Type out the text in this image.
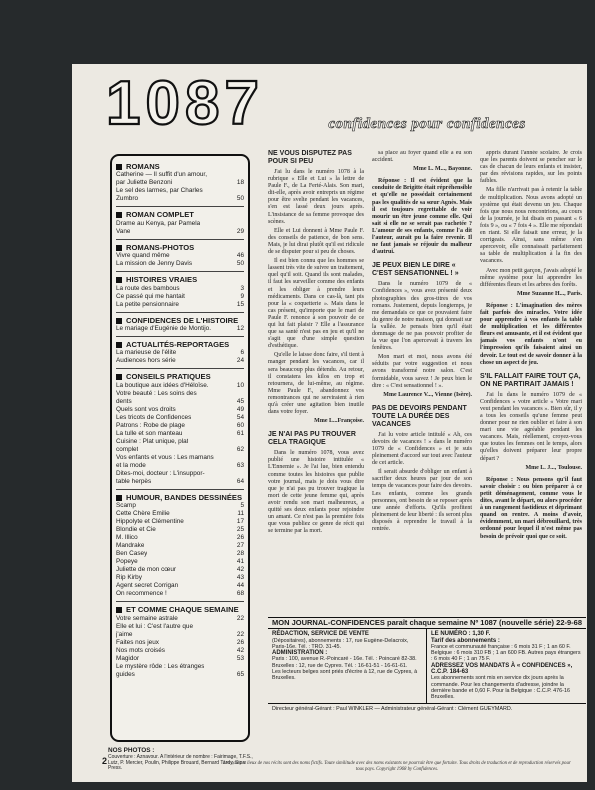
1087	confidences pour confidences
ROMANS
Catherine — Il suffit d'un amour,
par Juliette Benzoni	18
Le sel des larmes, par Charles
Zumbro	50
ROMAN COMPLET
Drame au Kenya, par Pamela
Vane	29
ROMANS-PHOTOS
Vivre quand même	46
La mission de Jenny Davis	50
HISTOIRES VRAIES
La route des bambous	3
Ce passé qui me hantait	9
La petite pensionnaire	15
CONFIDENCES DE L'HISTOIRE
Le mariage d'Eugénie de Montijo.	12
ACTUALITÉS-REPORTAGES
La marieuse de l'élite	6
Audiences hors série	24
CONSEILS PRATIQUES
La boutique aux idées d'Héloïse.	10
Votre beauté : Les soins des
dents	45
Quels sont vos droits	49
Les tricots de Confidences	54
Patrons : Robe de plage	60
La tulle et son manteau	61
Cuisine : Plat unique, plat
complet	62
Vos enfants et vous : Les mamans
et la mode	63
Dites-moi, docteur : L'insuppor-
table herpès	64
HUMOUR, BANDES DESSINÉES
Scamp	5
Cette Chère Émilie	11
Hippolyte et Clémentine	17
Blondie et Cie	25
M. Illico	26
Mandrake	27
Ben Casey	28
Popeye	41
Juliette de mon cœur	42
Rip Kirby	43
Agent secret Corrigan	44
On recommence !	68
ET COMME CHAQUE SEMAINE
Votre semaine astrale	22
Elle et lui : C'est l'autre que
j'aime	22
Faites nos jeux	26
Nos mots croisés	42
Magidor	53
Le mystère rôde : Les étranges
guides	65
NOS PHOTOS :
Couverture : Aznavour. A l'intérieur de nombre : Fairimage, T.F.S., Lutz, P. Mercier, Poulin, Philippe Brouard, Bernard Tardy, Sipa Press.
NE VOUS DISPUTEZ PAS POUR SI PEU

J'ai lu dans le numéro 1078 à la rubrique « Elle et Lui » la lettre de Paule F., de La Ferté-Alais. Son mari, dit-elle, après avoir entrepris un régime pour être svelte pendant les vacances, s'en est lassé deux jours après. L'insistance de sa femme provoque des scènes.

Elle et Lui donnent à Mme Paule F. des conseils de patience, de bon sens. Mais, je lui dirai plutôt qu'il est ridicule de se disputer pour si peu de choses.

Il est bien connu que les hommes se lassent très vite de suivre un traitement, quel qu'il soit. Quand ils sont malades, il faut les surveiller comme des enfants et les obliger à prendre leurs médicaments. Dans ce cas-là, tant pis pour la « coquetterie ». Mais dans le cas présent, qu'importe que le mari de Paule F. renonce à son pouvoir de ce qui lui fait plaisir ? Elle a l'assurance que sa santé n'est pas en jeu et qu'il ne s'agit que d'une simple question d'esthétique.

Qu'elle le laisse donc faire, s'il tient à manger pendant les vacances, car il sera beaucoup plus détendu. Au retour, il constatera les kilos en trop et retournera, de lui-même, au régime. Mme Paule F., abandonnez vos remontrances qui ne serviraient à rien qu'à créer une agitation bien inutile dans votre foyer.

Mme L...Françoise.

JE N'AI PAS PU TROUVER CELA TRAGIQUE

Dans le numéro 1078, vous avez publié une histoire intitulée « L'Ennemie ». Je l'ai lue, bien entendu comme toutes les histoires que publie votre journal, mais je dois vous dire que je n'ai pas pu trouver tragique la mort de cette jeune femme qui, après avoir rendu son mari malheureux, a quitté ses deux enfants pour rejoindre un amant. Ce n'est pas la première fois que vous publiez ce genre de récit qui se termine par la mort.

sa place au foyer quand elle a eu son accident.

Mme L. M..., Bayonne.

Réponse : Il est évident que la conduite de Brigitte était répréhensible et qu'elle ne possédait certainement pas les qualités de sa sœur Agnès. Mais il est toujours regrettable de voir mourir un être jeune comme elle. Qui sait si elle ne se serait pas rachetée ? L'amour de ses enfants, comme l'a dit l'auteur, aurait pu la faire revenir. Il ne faut jamais se réjouir du malheur d'autrui.

JE PEUX BIEN LE DIRE « C'EST SENSATIONNEL ! »

Dans le numéro 1079 de « Confidences », vous avez présenté deux photographies des gros-titres de vos romans. Justement, depuis longtemps, je me demandais ce que ce pouvaient faire du genre de notre maison, qui donnait sur la vallée. Je pensais bien qu'il était dommage de ne pas pouvoir profiter de la vue que l'on apercevait à travers les fenêtres.

Mon mari et moi, nous avons été séduits par votre suggestion et nous avons transformé notre salon. C'est formidable, vous savez ! Je peux bien le dire : « C'est sensationnel ! ».

Mme Laurence V..., Vienne (Isère).

PAS DE DEVOIRS PENDANT TOUTE LA DURÉE DES VACANCES

J'ai lu votre article intitulé « Ah, ces devoirs de vacances ! » dans le numéro 1079 de « Confidences » et je suis pleinement d'accord sur tout avec l'auteur de cet article.

Il serait absurde d'obliger un enfant à sacrifier deux heures par jour de son temps de vacances pour faire des devoirs. Les enfants, comme les grands personnes, ont besoin de se reposer après une année d'efforts. Qu'ils profitent pleinement de leur liberté : ils seront plus disposés à reprendre le travail à la rentrée.

appris durant l'année scolaire. Je crois que les parents doivent se pencher sur le cas de chacun de leurs enfants et insister, par des révisions rapides, sur les points faibles.

Ma fille n'arrivait pas à retenir la table de multiplication. Nous avons adopté un système qui était devenu un jeu. Chaque fois que nous nous rencontrions, au cours de la journée, je lui disais en passant « 6 fois 9 », ou « 7 fois 4 ». Elle me répondait en riant. Si elle faisait une erreur, je la corrigeais. Ainsi, sans même s'en apercevoir, elle connaissait parfaitement sa table de multiplication à la fin des vacances.

Avec mon petit garçon, j'avais adopté le même système pour lui apprendre les différentes fleurs et les arbres des forêts.

Mme Suzanne H..., Paris.

Réponse : L'imagination des mères fait parfois des miracles. Votre idée pour apprendre à vos enfants la table de multiplication et les différentes fleurs est amusante, et il est évident que jamais vos enfants n'ont eu l'impression qu'ils faisaient ainsi un devoir. Le tout est de savoir donner à la chose un aspect de jeu.

S'IL FALLAIT FAIRE TOUT ÇA, ON NE PARTIRAIT JAMAIS !

J'ai lu dans le numéro 1079 de « Confidences » votre article « Votre mari veut pendant les vacances ». Bien sûr, il y a tous les conseils qu'une femme peut donner pour ne rien oublier et faire à son mari une vie agréable pendant les vacances. Mais, réellement, croyez-vous que toutes les femmes ont le temps, alors qu'elles doivent préparer leur propre départ ?

Mme L. J..., Toulouse.

Réponse : Nous pensons qu'il faut savoir choisir : ou bien préparer à ce petit déménagement, comme vous le dites, avant le départ, ou alors procéder à un rangement fastidieux et déprimant quand on rentre. A moins d'avoir, évidemment, un mari débrouillard, très ordonné pour lequel il n'est même pas besoin de prévoir quoi que ce soit.

MON JOURNAL-CONFIDENCES paraît chaque semaine Nº 1087 (nouvelle série) 22-9-68
RÉDACTION, SERVICE DE VENTE
(Dépositaires), abonnements : 17, rue Eugène-Delacroix, Paris-16e. Tél. : TRO. 31-45.
ADMINISTRATION :
Paris : 100, avenue R.-Poincaré - 16e. Tél. : Poincaré 82-38. Bruxelles : 12, rue de Cypres. Tél. : 16-61-51 - 16-61-61.
Les lecteurs belges sont priés d'écrire à 12, rue de Cypres, à Bruxelles.
LE NUMÉRO : 1,30 F.
Tarif des abonnements :
France et communauté française : 6 mois 31 F ; 1 an 60 F. Belgique : 6 mois 310 FB ; 1 an 600 FB. Autres pays étrangers : 6 mois 40 F ; 1 an 75 F.
ADRESSEZ VOS MANDATS À « CONFIDENCES », C.C.P. 184-63
Les abonnements sont mis en service dix jours après la commande. Pour les changements d'adresse, joindre la dernière bande et 0,60 F. Pour la Belgique : C.C.P. 476-16 Bruxelles.
Directeur général-Gérant : Paul WINKLER — Administrateur général-Gérant : Clément GUEYMARD.
2	Les noms et lieux de nos récits sont des noms fictifs. Toute similitude avec des noms existants ne pourrait être que fortuite. Tous droits de traduction et de reproduction réservés pour tous pays. Copyright 1968 by Confidences.
